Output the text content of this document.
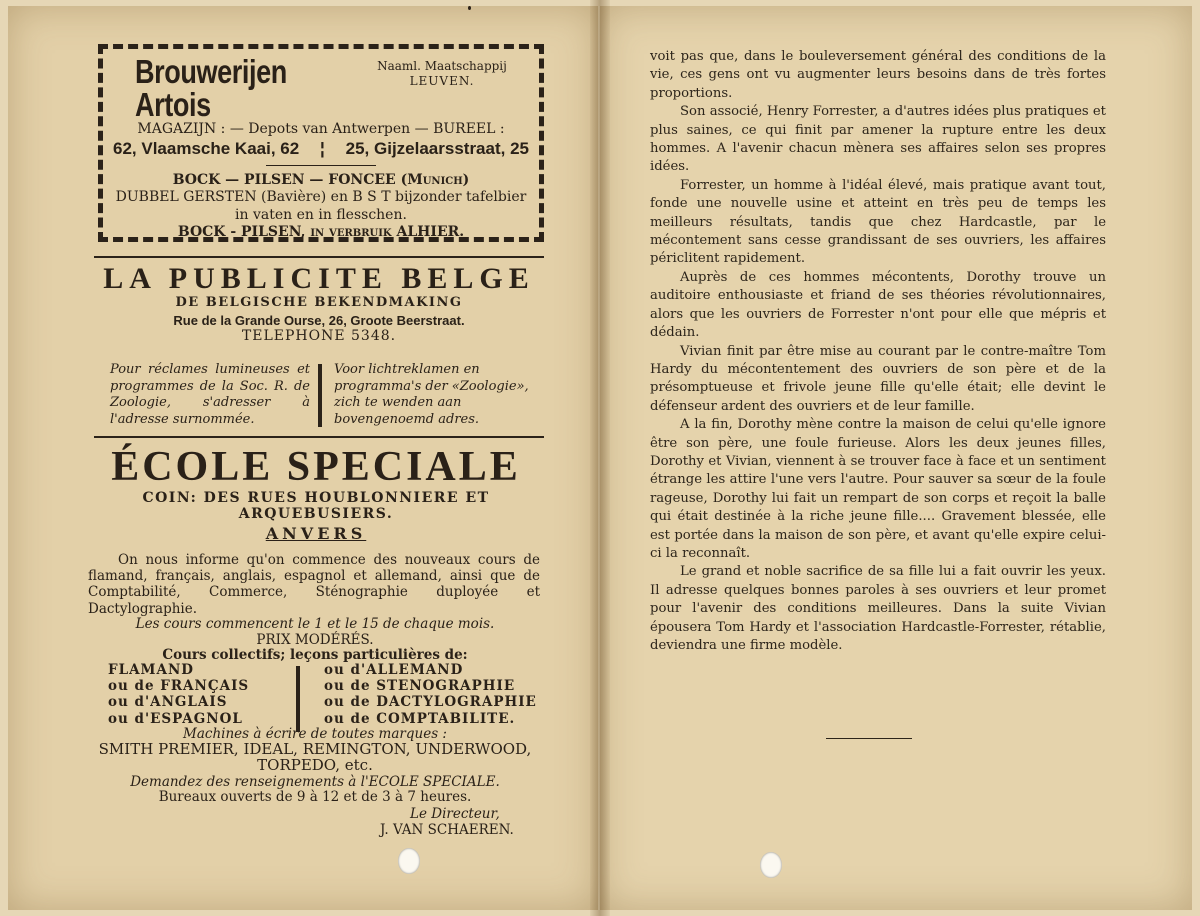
Brouwerijen Artois
Naaml. Maatschappij
LEUVEN.
MAGAZIJN : — Depots van Antwerpen — BUREEL :
62, Vlaamsche Kaai, 62 ¦ 25, Gijzelaarsstraat, 25
BOCK — PILSEN — FONCEE (Munich)
DUBBEL GERSTEN (Bavière) en B S T bijzonder tafelbier
in vaten en in flesschen.
BOCK - PILSEN, in verbruik ALHIER.
LA PUBLICITE BELGE
DE BELGISCHE BEKENDMAKING
Rue de la Grande Ourse, 26, Groote Beerstraat.
TELEPHONE 5348.
Pour réclames lumineuses et programmes de la Soc. R. de Zoologie, s'adresser à l'adresse surnommée.
Voor lichtreklamen en programma's der «Zoologie», zich te wenden aan bovengenoemd adres.
ÉCOLE SPECIALE
COIN: DES RUES HOUBLONNIERE ET ARQUEBUSIERS.
ANVERS
On nous informe qu'on commence des nouveaux cours de flamand, français, anglais, espagnol et allemand, ainsi que de Comptabilité, Commerce, Sténographie duployée et Dactylographie.
Les cours commencent le 1 et le 15 de chaque mois.
PRIX MODÉRÉS.
Cours collectifs; leçons particulières de:
FLAMAND
ou de FRANÇAIS
ou d'ANGLAIS
ou d'ESPAGNOL
ou d'ALLEMAND
ou de STENOGRAPHIE
ou de DACTYLOGRAPHIE
ou de COMPTABILITE.
Machines à écrire de toutes marques :
SMITH PREMIER, IDEAL, REMINGTON, UNDERWOOD,
TORPEDO, etc.
Demandez des renseignements à l'ECOLE SPECIALE.
Bureaux ouverts de 9 à 12 et de 3 à 7 heures.
Le Directeur,
J. VAN SCHAEREN.

voit pas que, dans le bouleversement général des conditions de la vie, ces gens ont vu augmenter leurs besoins dans de très fortes proportions.

Son associé, Henry Forrester, a d'autres idées plus pratiques et plus saines, ce qui finit par amener la rupture entre les deux hommes. A l'avenir chacun mènera ses affaires selon ses propres idées.

Forrester, un homme à l'idéal élevé, mais pratique avant tout, fonde une nouvelle usine et atteint en très peu de temps les meilleurs résultats, tandis que chez Hardcastle, par le mécontement sans cesse grandissant de ses ouvriers, les affaires périclitent rapidement.

Auprès de ces hommes mécontents, Dorothy trouve un auditoire enthousiaste et friand de ses théories révolutionnaires, alors que les ouvriers de Forrester n'ont pour elle que mépris et dédain.

Vivian finit par être mise au courant par le contre-maître Tom Hardy du mécontentement des ouvriers de son père et de la présomptueuse et frivole jeune fille qu'elle était; elle devint le défenseur ardent des ouvriers et de leur famille.

A la fin, Dorothy mène contre la maison de celui qu'elle ignore être son père, une foule furieuse. Alors les deux jeunes filles, Dorothy et Vivian, viennent à se trouver face à face et un sentiment étrange les attire l'une vers l'autre. Pour sauver sa sœur de la foule rageuse, Dorothy lui fait un rempart de son corps et reçoit la balle qui était destinée à la riche jeune fille.... Gravement blessée, elle est portée dans la maison de son père, et avant qu'elle expire celui-ci la reconnaît.

Le grand et noble sacrifice de sa fille lui a fait ouvrir les yeux. Il adresse quelques bonnes paroles à ses ouvriers et leur promet pour l'avenir des conditions meilleures. Dans la suite Vivian épousera Tom Hardy et l'association Hardcastle-Forrester, rétablie, deviendra une firme modèle.
